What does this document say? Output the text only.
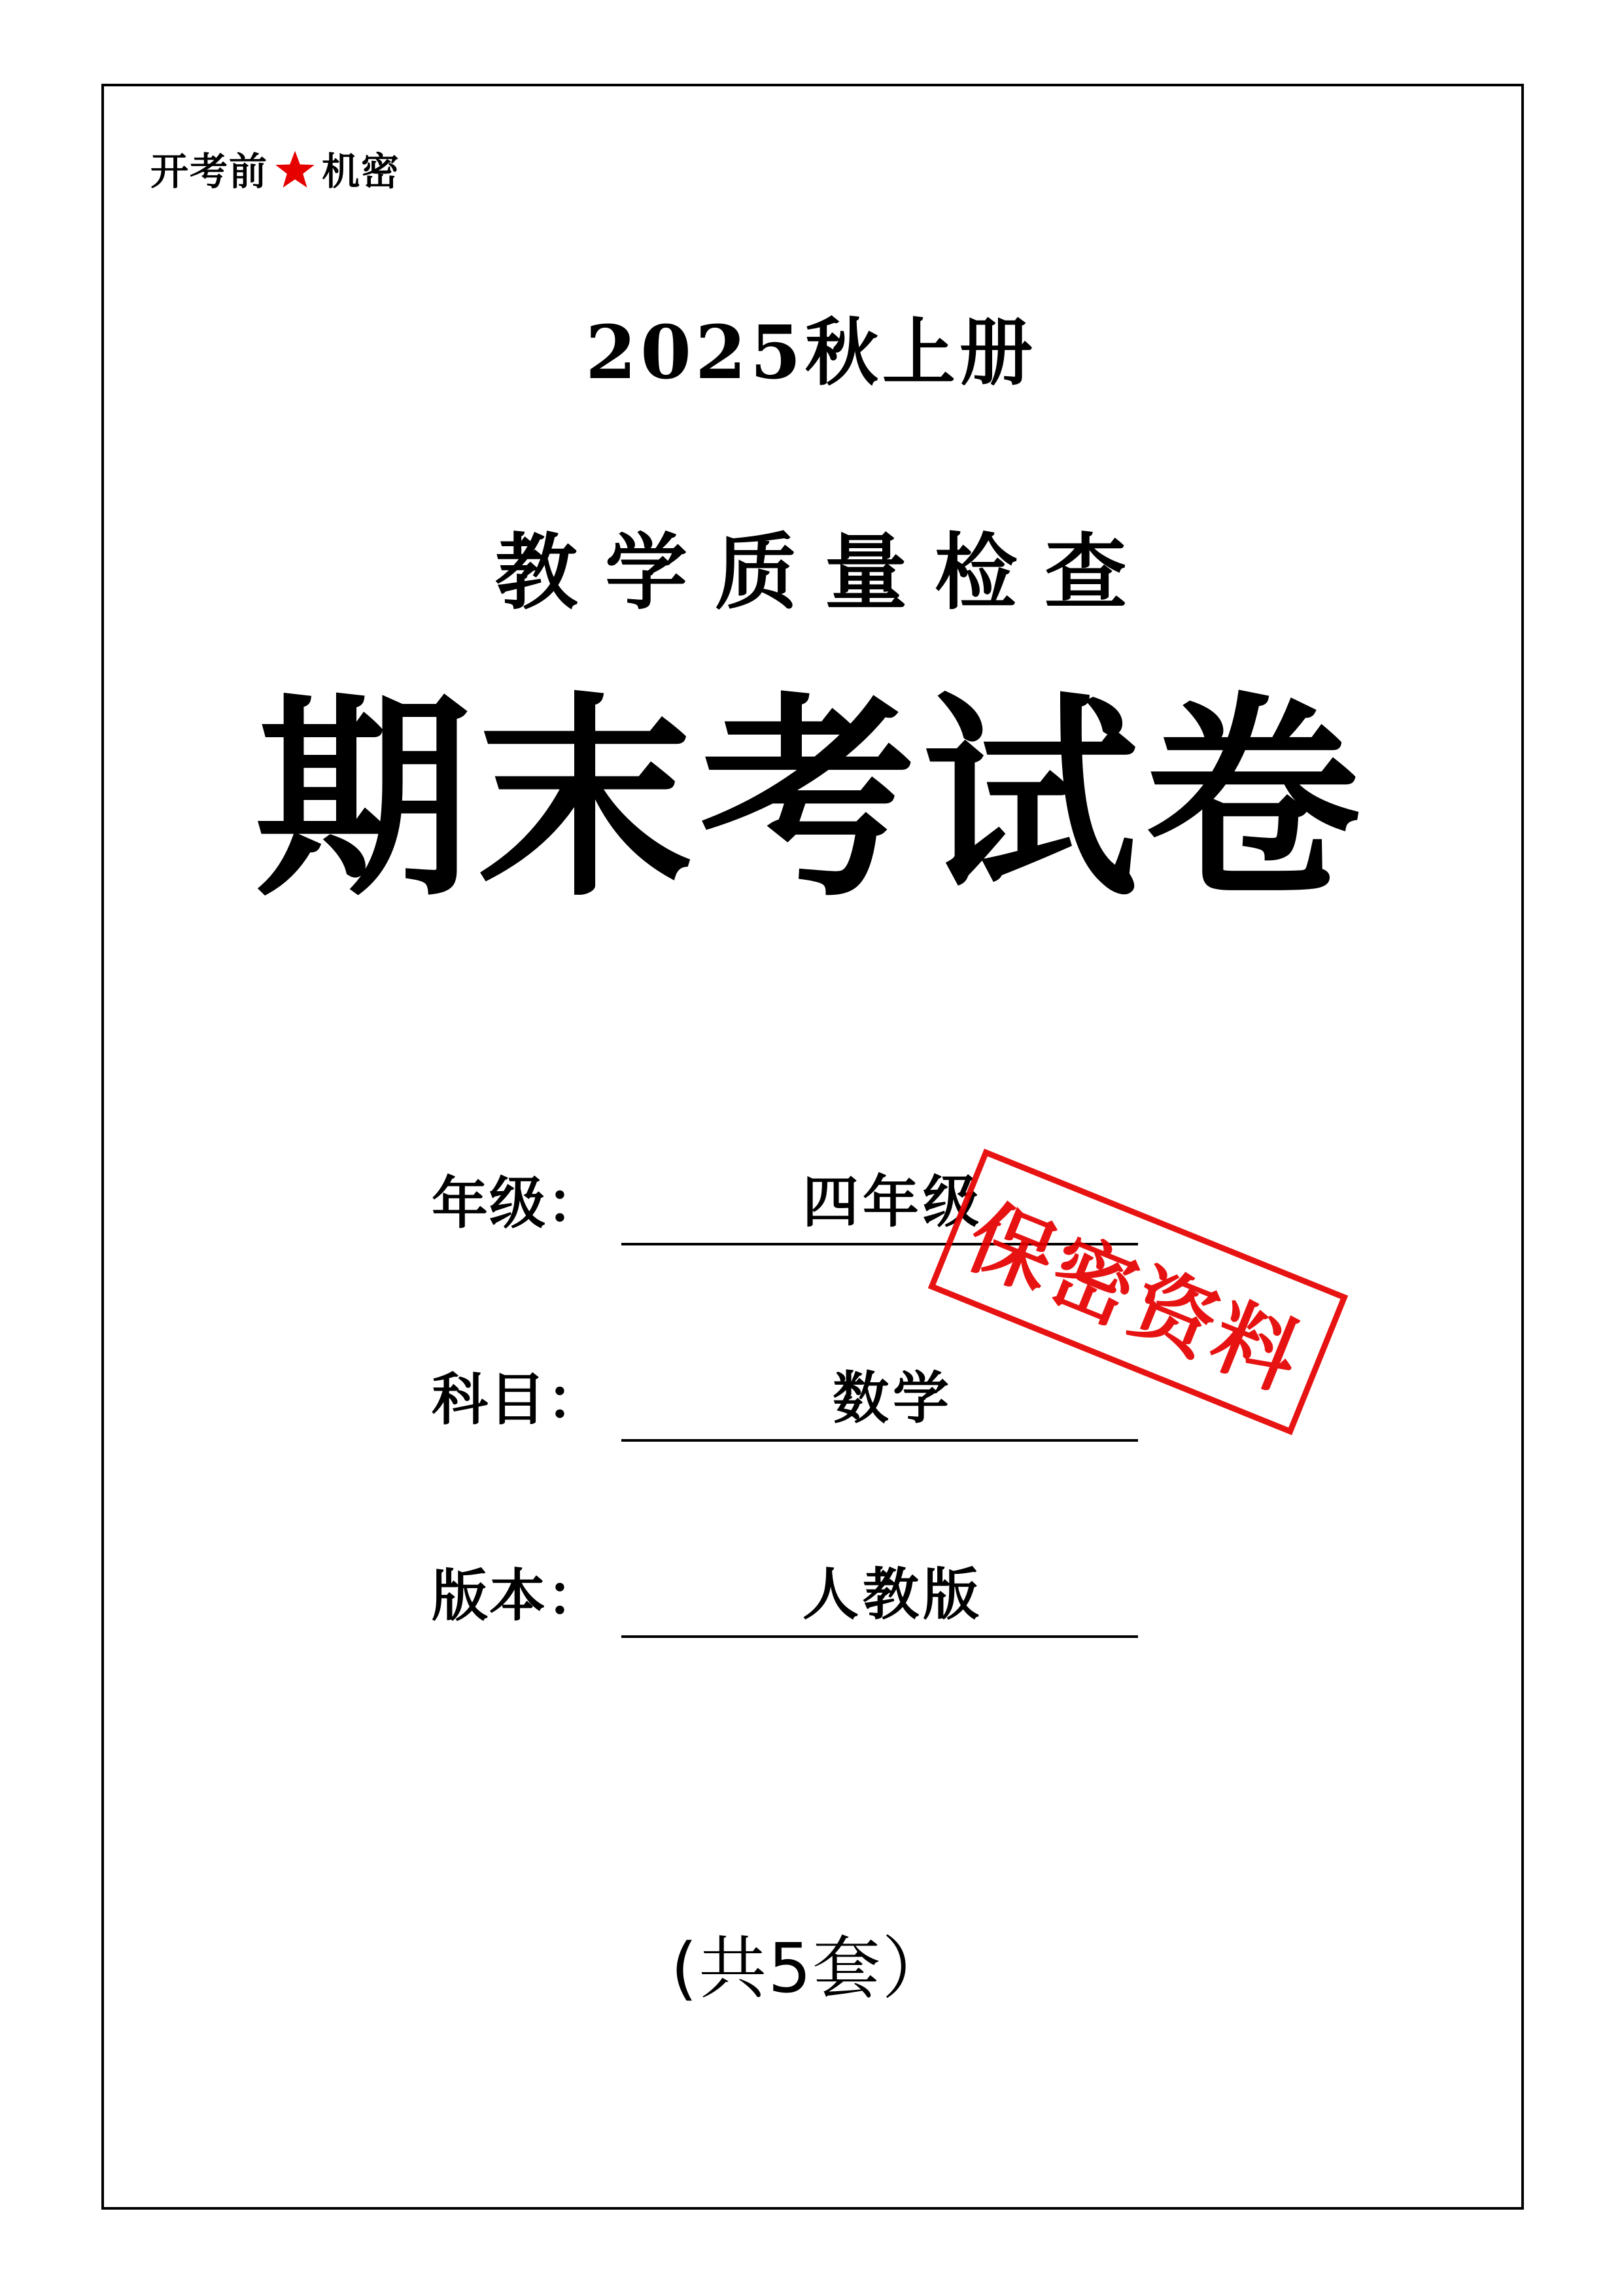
开考前 机密
2025秋上册
教学质量检查
期末考试卷
年级：	四年级
科目：	数学
版本：	人教版
保密资料
(共5套）
